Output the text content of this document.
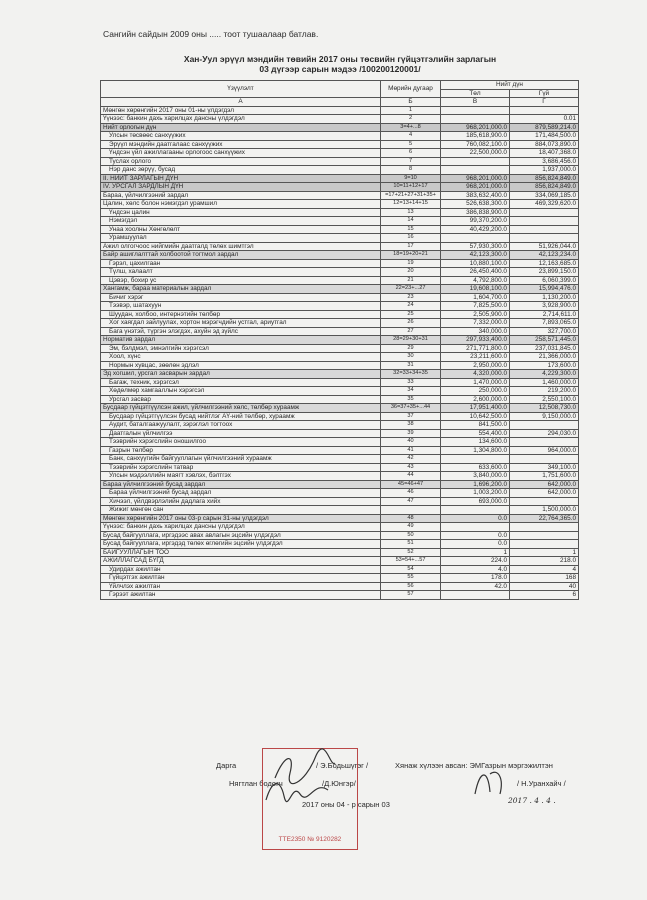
Сангийн сайдын 2009 оны ..... тоот тушаалаар батлав.
Хан-Уул эрүүл мэндийн төвийн 2017 оны төсвийн гүйцэтгэлийн зарлагын
03 дүгээр сарын мэдээ /100200120001/
Үзүүлэлт	Мөрийн дугаар	Нийт дүн	
		Төл	Гүй
А	Б	В	Г
Мөнгөн хөрөнгийн 2017 оны 01-ны үлдэгдэл	1		
Үүнээс: банкин дахь харилцах дансны үлдэгдэл	2		0.01
Нийт орлогын дүн	3=4+...8	968,201,000.0	879,589,214.0
Улсын төсвөөс санхүүжих	4	185,618,900.0	171,484,500.0
Эрүүл мэндийн даатгалаас санхүүжих	5	760,082,100.0	884,073,890.0
Үндсэн үйл ажиллагааны орлогоос санхүүжих	6	22,500,000.0	18,407,368.0
Туслах орлого	7		3,686,456.0
Нэр данс зөрүү, бусад	8		1,937,000.0
II. НИЙТ ЗАРЛАГЫН ДҮН	9=10	968,201,000.0	856,824,849.0
IV. УРСГАЛ ЗАРДЛЫН ДҮН	10=11+12+17	968,201,000.0	856,824,849.0
Бараа, үйлчилгээний зардал	=17+21+27+31+35+	383,632,400.0	334,069,185.0
Цалин, хөлс болон нэмэгдэл урамшил	12=13+14+15	526,638,300.0	469,329,620.0
Үндсэн цалин	13	386,838,900.0	
Нэмэгдэл	14	99,370,200.0	
Унаа хоолны Хөнгөлөлт	15	40,429,200.0	
Урамшуулал	16		
Ажил олгогчоос нийгмийн даатгалд төлөх шимтгэл	17	57,930,300.0	51,926,044.0
Байр ашиглалттай холбоотой тогтмол зардал	18=19+20+21	42,123,300.0	42,123,234.0
Гэрэл, цахилгаан	19	10,880,100.0	12,163,685.0
Түлш, халаалт	20	26,450,400.0	23,899,150.0
Цэвэр, бохир ус	21	4,792,800.0	6,060,399.0
Хангамж, бараа материалын зардал	22=23+...27	19,608,100.0	15,994,476.0
Бичиг хэрэг	23	1,604,700.0	1,130,200.0
Тээвэр, шатахуун	24	7,825,500.0	3,928,900.0
Шуудан, холбоо, интернэтийн төлбөр	25	2,505,900.0	2,714,611.0
Хог хаягдал зайлуулах, хортон мэрэгчдийн устгал, ариутгал	26	7,332,000.0	7,893,065.0
Бага үнэтэй, түргэн элэгдэх, ахуйн эд зүйлс	27	340,000.0	327,700.0
Норматив зардал	28=29+30+31	297,933,400.0	258,571,445.0
Эм, бэлдмэл, эмнэлгийн хэрэгсэл	29	271,771,800.0	237,031,845.0
Хоол, хүнс	30	23,211,600.0	21,366,000.0
Нормын хувцас, зөөлөн эдлэл	31	2,950,000.0	173,600.0
Эд хогшил, урсгал засварын зардал	32=33+34+35	4,320,000.0	4,229,300.0
Багаж, техник, хэрэгсэл	33	1,470,000.0	1,460,000.0
Хөдөлмөр хамгааллын хэрэгсэл	34	250,000.0	219,200.0
Урсгал засвар	35	2,600,000.0	2,550,100.0
Бусдаар гүйцэтгүүлсэн ажил, үйлчилгээний хөлс, төлбөр хураамж	36=37+35+...44	17,951,400.0	12,508,730.0
Бусдаар гүйцэтгүүлсэн бусад нийтлэг АҮ-ний төлбөр, хураамж	37	10,642,500.0	9,150,000.0
Аудит, баталгаажуулалт, зэрэглэл тогтоох	38	841,500.0	
Даатгалын үйлчилгээ	39	554,400.0	294,030.0
Тээврийн хэрэгслийн оношилгоо	40	134,600.0	
Газрын төлбөр	41	1,304,800.0	964,000.0
Банк, санхүүгийн байгууллагын үйлчилгээний хураамж	42		
Тээврийн хэрэгслийн татвар	43	633,600.0	349,100.0
Улсын мэдээллийн маягт хэвлэх, бэлтгэх	44	3,840,000.0	1,751,600.0
Бараа үйлчилгээний бусад зардал	45=46+47	1,696,200.0	642,000.0
Бараа үйлчилгээний бусад зардал	46	1,003,200.0	642,000.0
Хичээл, үйлдвэрлэлийн дадлага хийх	47	693,000.0	
Жижиг мөнгөн сан			1,500,000.0
Мөнгөн хөрөнгийн 2017 оны 03-р сарын 31-ны үлдэгдэл	48	0.0	22,764,365.0
Үүнээс: банкин дахь харилцах дансны үлдэгдэл	49		
Бусад байгууллага, иргэдээс авах авлагын эцсийн үлдэгдэл	50	0.0	
Бусад байгууллага, иргэдэд төлөх өглөгийн эцсийн үлдэгдэл	51	0.0	
БАЙГУУЛЛАГЫН ТОО	52	1	1
АЖИЛЛАГСАД БҮГД	53=54+...57	224.0	218.0
Удирдах ажилтан	54	4.0	4
Гүйцэтгэх ажилтан	55	178.0	168
Үйлчлэх ажилтан	56	42.0	40
Гэрээт ажилтан	57		6
Дарга	/ Э.Бодьшүгэг /	Хянаж хүлээн авсан: ЭМГазрын мэргэжилтэн
/ Н.Уранхайч /
Нягтлан бодогч	/Д.Юнгэр/
2017 оны 04 - р сарын 03	2017 . 4 . 4 .
ТТЕ2350 № 9120282
